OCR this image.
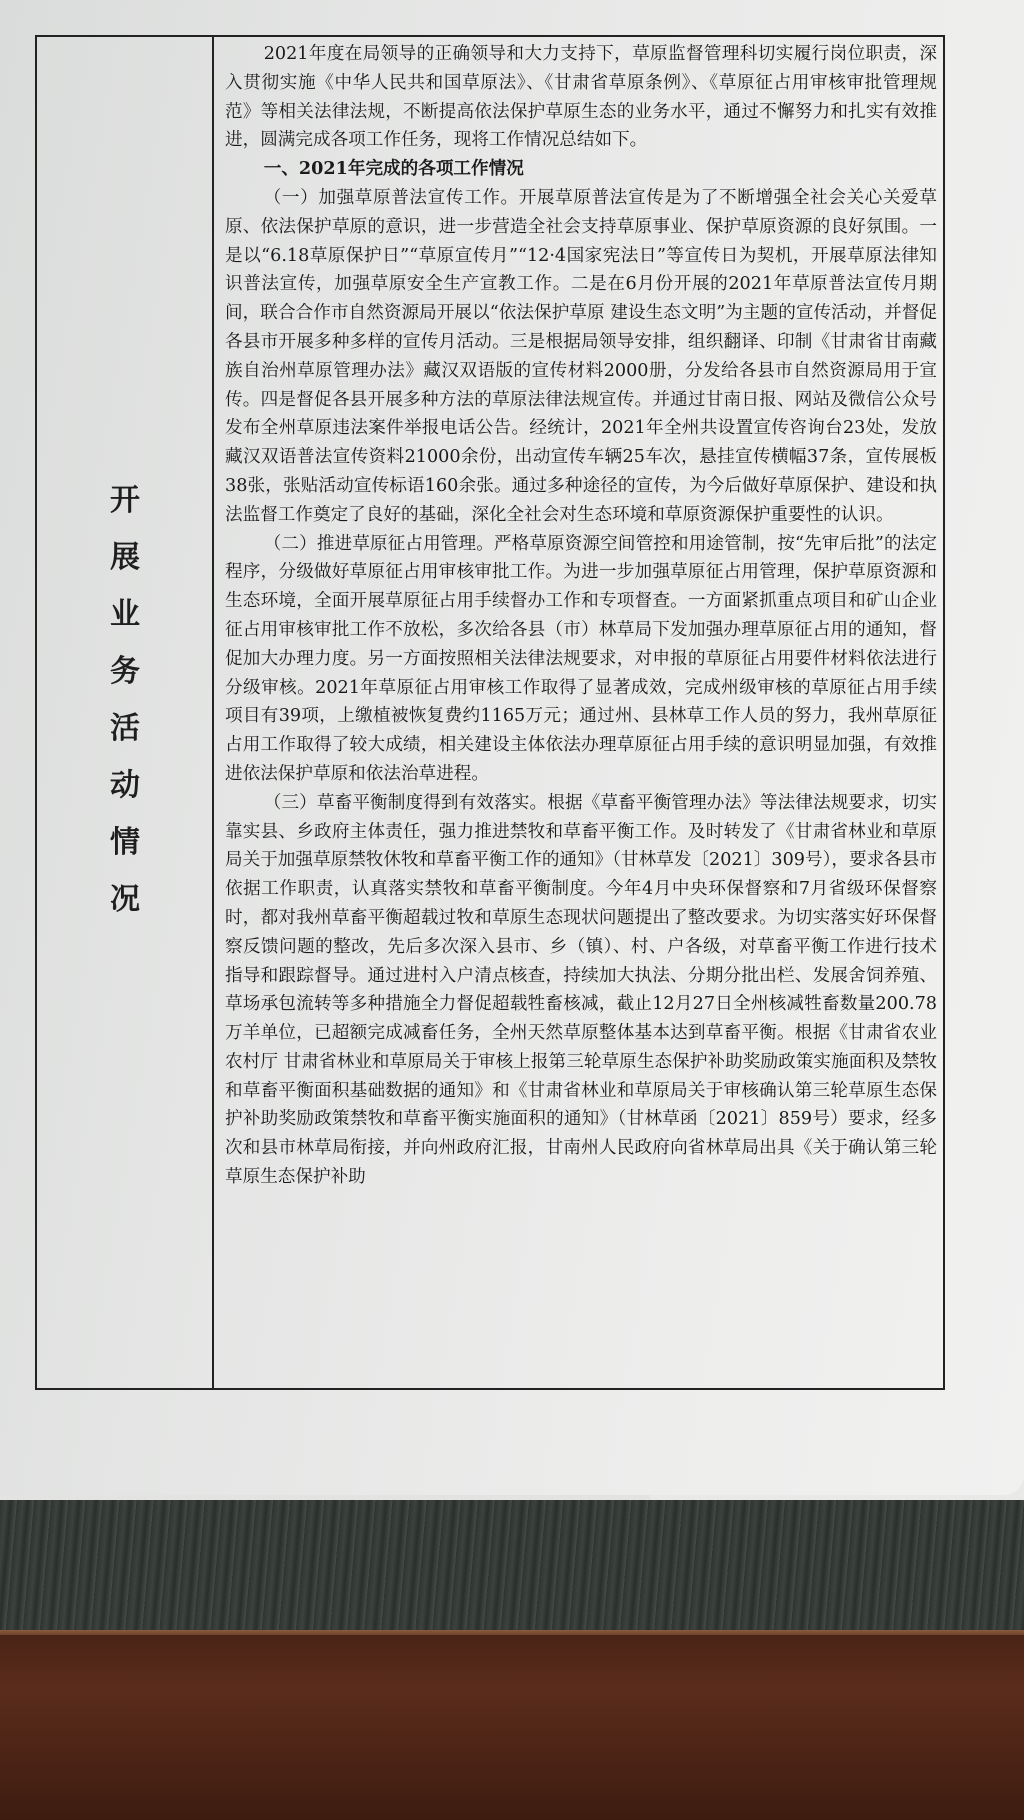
开
展
业
务
活
动
情
况

2021年度在局领导的正确领导和大力支持下，草原监督管理科切实履行岗位职责，深入贯彻实施《中华人民共和国草原法》、《甘肃省草原条例》、《草原征占用审核审批管理规范》等相关法律法规，不断提高依法保护草原生态的业务水平，通过不懈努力和扎实有效推进，圆满完成各项工作任务，现将工作情况总结如下。

一、2021年完成的各项工作情况

（一）加强草原普法宣传工作。开展草原普法宣传是为了不断增强全社会关心关爱草原、依法保护草原的意识，进一步营造全社会支持草原事业、保护草原资源的良好氛围。一是以“6.18草原保护日”“草原宣传月”“12·4国家宪法日”等宣传日为契机，开展草原法律知识普法宣传，加强草原安全生产宣教工作。二是在6月份开展的2021年草原普法宣传月期间，联合合作市自然资源局开展以“依法保护草原 建设生态文明”为主题的宣传活动，并督促各县市开展多种多样的宣传月活动。三是根据局领导安排，组织翻译、印制《甘肃省甘南藏族自治州草原管理办法》藏汉双语版的宣传材料2000册，分发给各县市自然资源局用于宣传。四是督促各县开展多种方法的草原法律法规宣传。并通过甘南日报、网站及微信公众号发布全州草原违法案件举报电话公告。经统计，2021年全州共设置宣传咨询台23处，发放藏汉双语普法宣传资料21000余份，出动宣传车辆25车次，悬挂宣传横幅37条，宣传展板38张，张贴活动宣传标语160余张。通过多种途径的宣传，为今后做好草原保护、建设和执法监督工作奠定了良好的基础，深化全社会对生态环境和草原资源保护重要性的认识。

（二）推进草原征占用管理。严格草原资源空间管控和用途管制，按“先审后批”的法定程序，分级做好草原征占用审核审批工作。为进一步加强草原征占用管理，保护草原资源和生态环境，全面开展草原征占用手续督办工作和专项督查。一方面紧抓重点项目和矿山企业征占用审核审批工作不放松，多次给各县（市）林草局下发加强办理草原征占用的通知，督促加大办理力度。另一方面按照相关法律法规要求，对申报的草原征占用要件材料依法进行分级审核。2021年草原征占用审核工作取得了显著成效，完成州级审核的草原征占用手续项目有39项，上缴植被恢复费约1165万元；通过州、县林草工作人员的努力，我州草原征占用工作取得了较大成绩，相关建设主体依法办理草原征占用手续的意识明显加强，有效推进依法保护草原和依法治草进程。

（三）草畜平衡制度得到有效落实。根据《草畜平衡管理办法》等法律法规要求，切实靠实县、乡政府主体责任，强力推进禁牧和草畜平衡工作。及时转发了《甘肃省林业和草原局关于加强草原禁牧休牧和草畜平衡工作的通知》（甘林草发〔2021〕309号），要求各县市依据工作职责，认真落实禁牧和草畜平衡制度。今年4月中央环保督察和7月省级环保督察时，都对我州草畜平衡超载过牧和草原生态现状问题提出了整改要求。为切实落实好环保督察反馈问题的整改，先后多次深入县市、乡（镇）、村、户各级，对草畜平衡工作进行技术指导和跟踪督导。通过进村入户清点核查，持续加大执法、分期分批出栏、发展舍饲养殖、草场承包流转等多种措施全力督促超载牲畜核减，截止12月27日全州核减牲畜数量200.78万羊单位，已超额完成减畜任务，全州天然草原整体基本达到草畜平衡。根据《甘肃省农业农村厅 甘肃省林业和草原局关于审核上报第三轮草原生态保护补助奖励政策实施面积及禁牧和草畜平衡面积基础数据的通知》和《甘肃省林业和草原局关于审核确认第三轮草原生态保护补助奖励政策禁牧和草畜平衡实施面积的通知》（甘林草函〔2021〕859号）要求，经多次和县市林草局衔接，并向州政府汇报，甘南州人民政府向省林草局出具《关于确认第三轮草原生态保护补助
